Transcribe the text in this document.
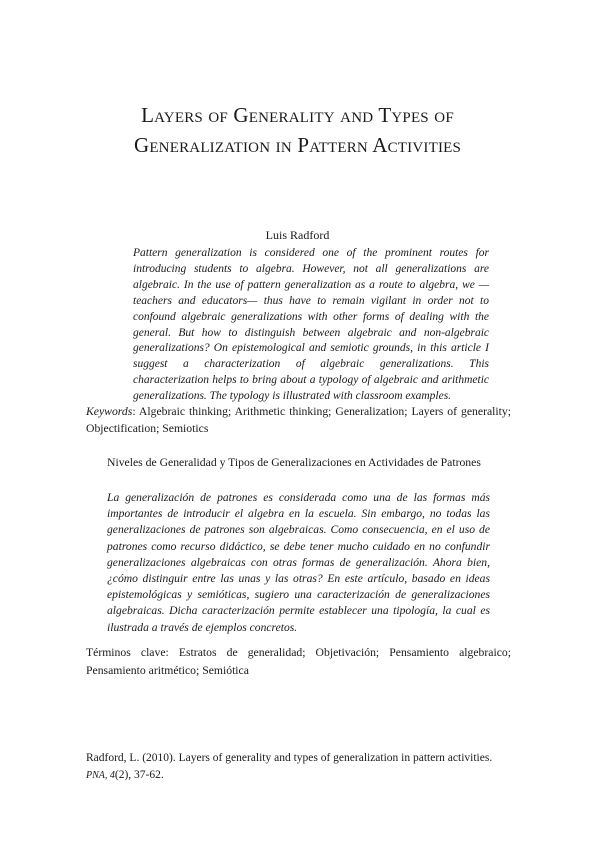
Layers of Generality and Types of
Generalization in Pattern Activities
Luis Radford
Pattern generalization is considered one of the prominent routes for introducing students to algebra. However, not all generalizations are algebraic. In the use of pattern generalization as a route to algebra, we —teachers and educators— thus have to remain vigilant in order not to confound algebraic generalizations with other forms of dealing with the general. But how to distinguish between algebraic and non-algebraic generalizations? On epistemological and semiotic grounds, in this article I suggest a characterization of algebraic generalizations. This characterization helps to bring about a typology of algebraic and arithmetic generalizations. The typology is illustrated with classroom examples.
Keywords: Algebraic thinking; Arithmetic thinking; Generalization; Layers of generality; Objectification; Semiotics
Niveles de Generalidad y Tipos de Generalizaciones en Actividades de Patrones
La generalización de patrones es considerada como una de las formas más importantes de introducir el algebra en la escuela. Sin embargo, no todas las generalizaciones de patrones son algebraicas. Como consecuencia, en el uso de patrones como recurso didáctico, se debe tener mucho cuidado en no confundir generalizaciones algebraicas con otras formas de generalización. Ahora bien, ¿cómo distinguir entre las unas y las otras? En este artículo, basado en ideas epistemológicas y semióticas, sugiero una caracterización de generalizaciones algebraicas. Dicha caracterización permite establecer una tipología, la cual es ilustrada a través de ejemplos concretos.
Términos clave: Estratos de generalidad; Objetivación; Pensamiento algebraico; Pensamiento aritmético; Semiótica
Radford, L. (2010). Layers of generality and types of generalization in pattern activities.
PNA, 4(2), 37-62.
